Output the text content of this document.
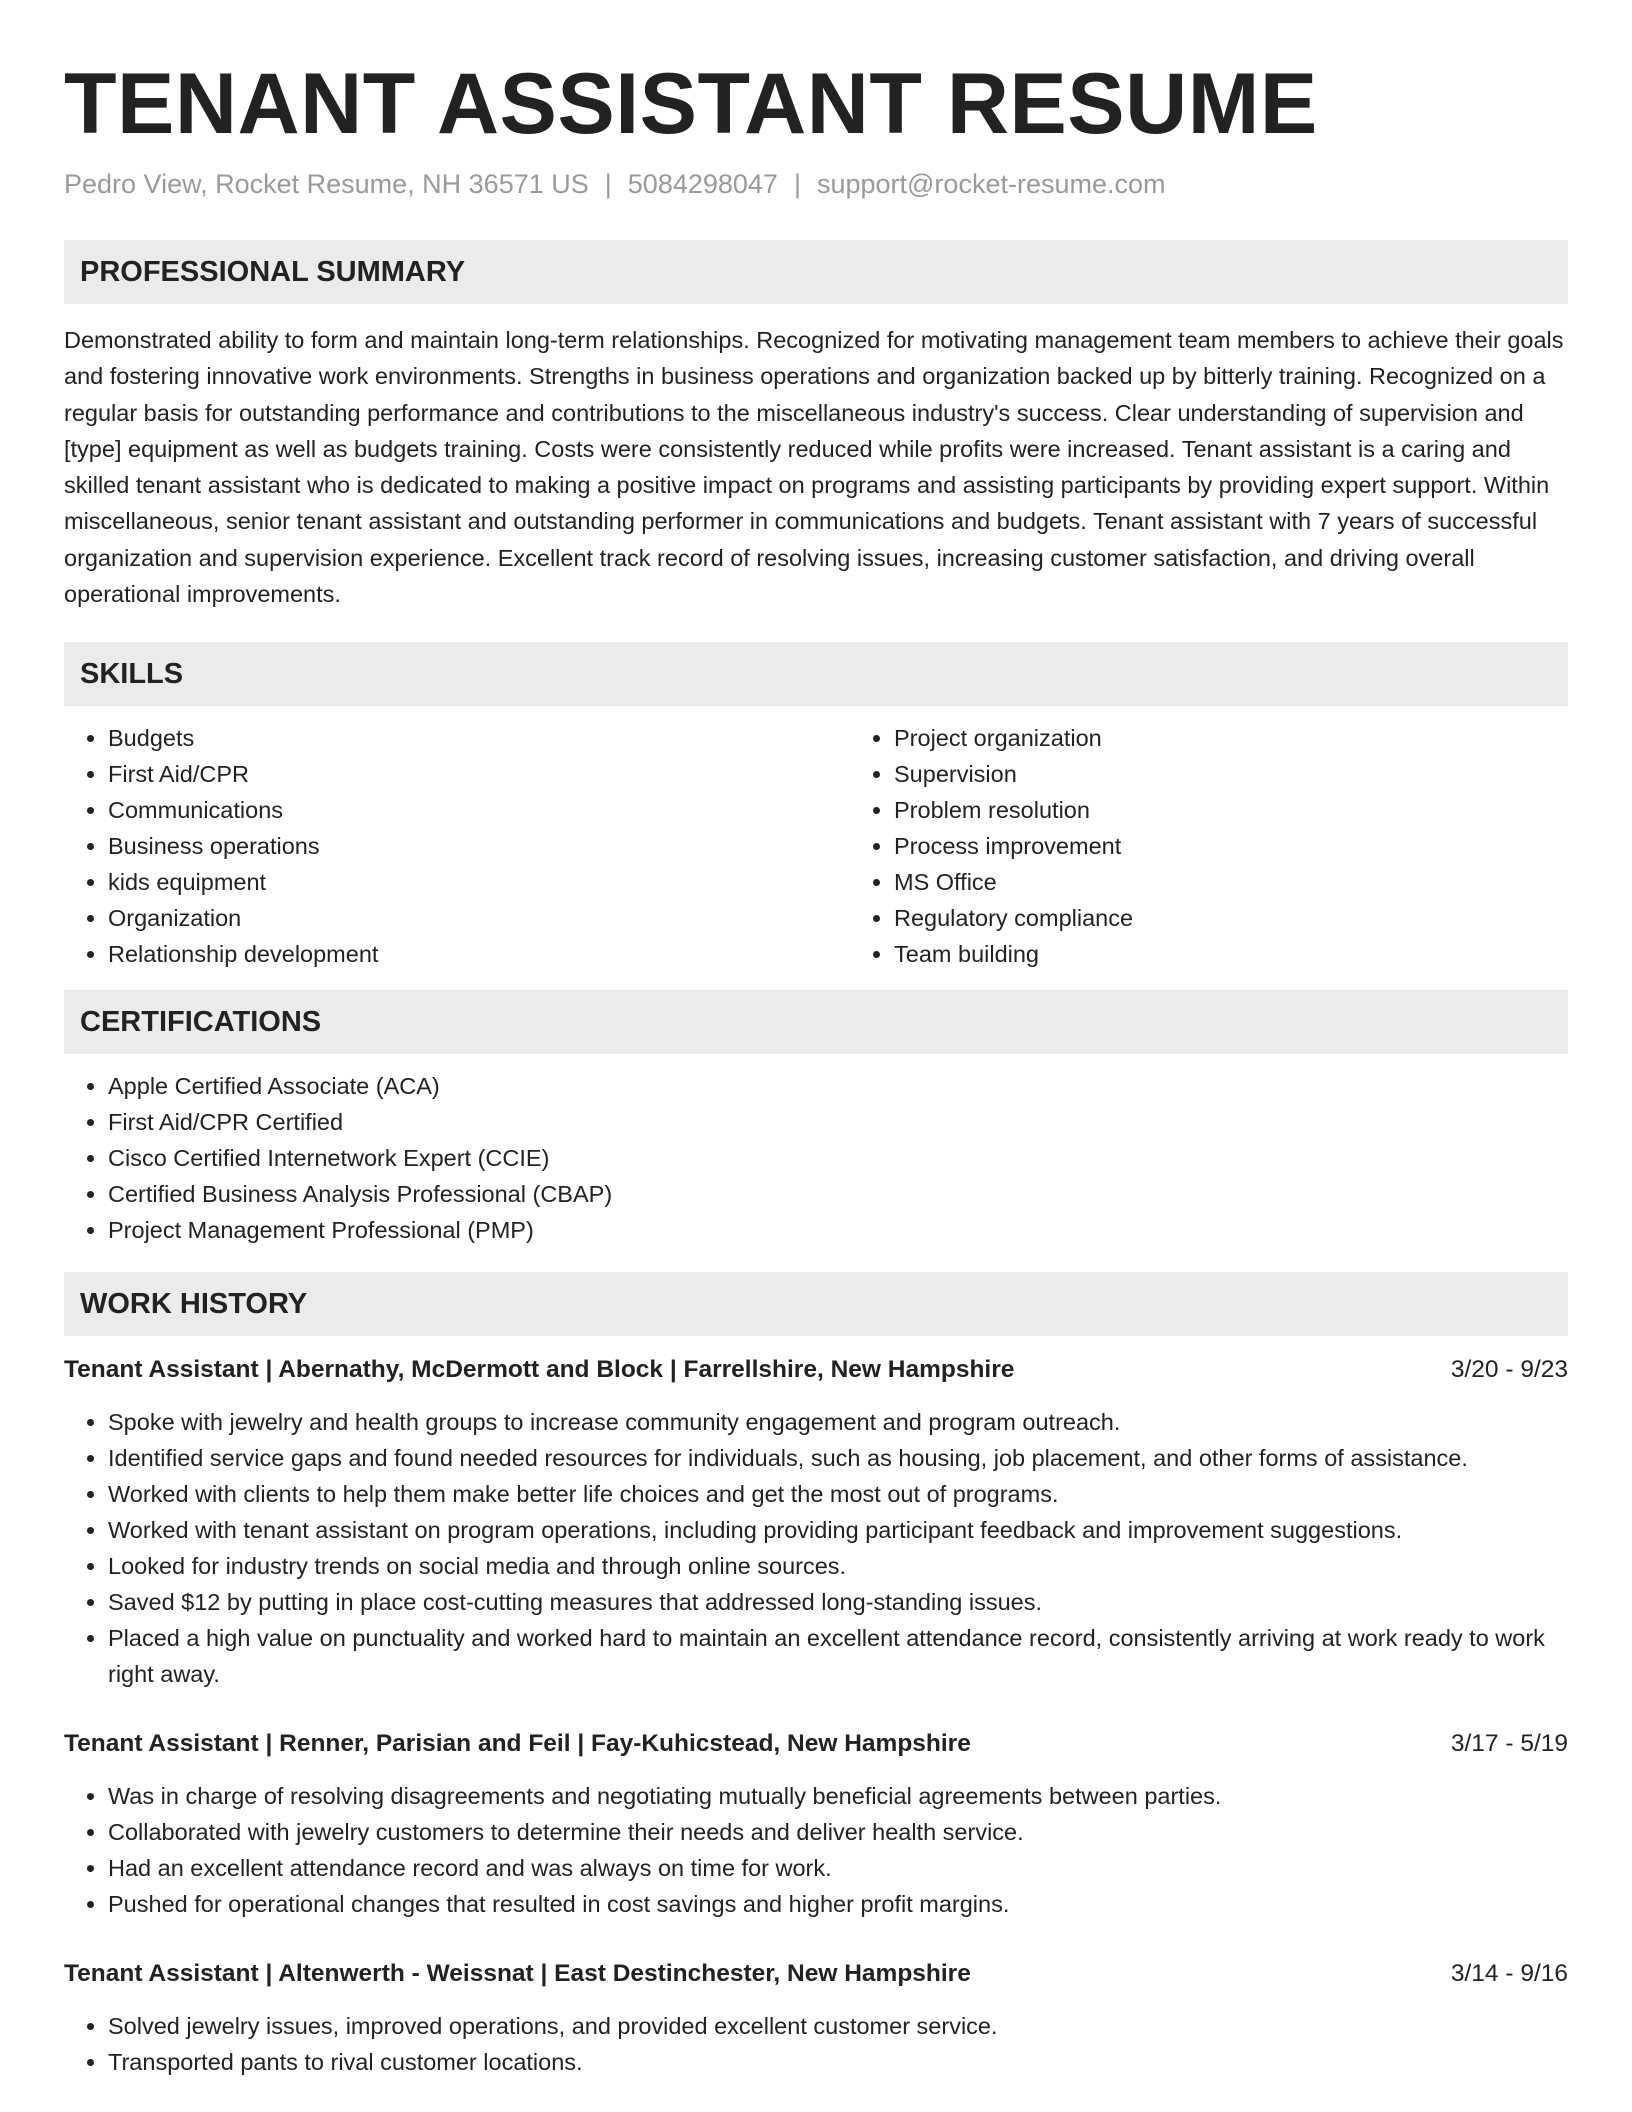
TENANT ASSISTANT RESUME
Pedro View, Rocket Resume, NH 36571 US | 5084298047 | support@rocket-resume.com
PROFESSIONAL SUMMARY

Demonstrated ability to form and maintain long-term relationships. Recognized for motivating management team members to achieve their goals and fostering innovative work environments. Strengths in business operations and organization backed up by bitterly training. Recognized on a regular basis for outstanding performance and contributions to the miscellaneous industry's success. Clear understanding of supervision and [type] equipment as well as budgets training. Costs were consistently reduced while profits were increased. Tenant assistant is a caring and skilled tenant assistant who is dedicated to making a positive impact on programs and assisting participants by providing expert support. Within miscellaneous, senior tenant assistant and outstanding performer in communications and budgets. Tenant assistant with 7 years of successful organization and supervision experience. Excellent track record of resolving issues, increasing customer satisfaction, and driving overall operational improvements.

SKILLS
• Budgets
• First Aid/CPR
• Communications
• Business operations
• kids equipment
• Organization
• Relationship development
• Project organization
• Supervision
• Problem resolution
• Process improvement
• MS Office
• Regulatory compliance
• Team building
CERTIFICATIONS
• Apple Certified Associate (ACA)
• First Aid/CPR Certified
• Cisco Certified Internetwork Expert (CCIE)
• Certified Business Analysis Professional (CBAP)
• Project Management Professional (PMP)
WORK HISTORY
Tenant Assistant | Abernathy, McDermott and Block | Farrellshire, New Hampshire	3/20 - 9/23
• Spoke with jewelry and health groups to increase community engagement and program outreach.
• Identified service gaps and found needed resources for individuals, such as housing, job placement, and other forms of assistance.
• Worked with clients to help them make better life choices and get the most out of programs.
• Worked with tenant assistant on program operations, including providing participant feedback and improvement suggestions.
• Looked for industry trends on social media and through online sources.
• Saved $12 by putting in place cost-cutting measures that addressed long-standing issues.
• Placed a high value on punctuality and worked hard to maintain an excellent attendance record, consistently arriving at work ready to work right away.
Tenant Assistant | Renner, Parisian and Feil | Fay-Kuhicstead, New Hampshire	3/17 - 5/19
• Was in charge of resolving disagreements and negotiating mutually beneficial agreements between parties.
• Collaborated with jewelry customers to determine their needs and deliver health service.
• Had an excellent attendance record and was always on time for work.
• Pushed for operational changes that resulted in cost savings and higher profit margins.
Tenant Assistant | Altenwerth - Weissnat | East Destinchester, New Hampshire	3/14 - 9/16
• Solved jewelry issues, improved operations, and provided excellent customer service.
• Transported pants to rival customer locations.
